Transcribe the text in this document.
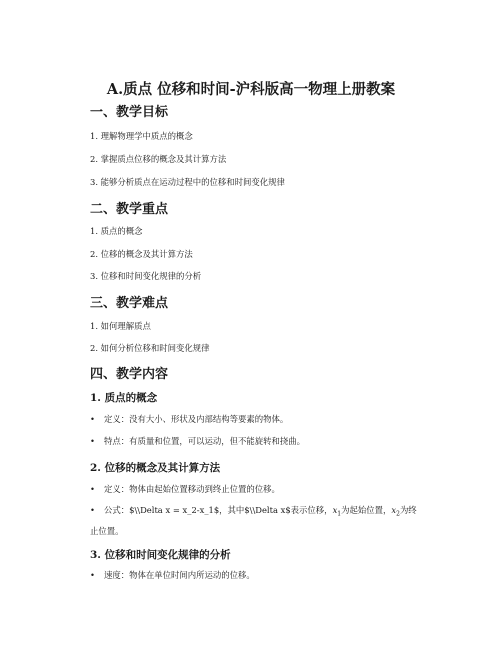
A.质点 位移和时间-沪科版高一物理上册教案
一、教学目标

1. 理解物理学中质点的概念

2. 掌握质点位移的概念及其计算方法

3. 能够分析质点在运动过程中的位移和时间变化规律

二、教学重点

1. 质点的概念

2. 位移的概念及其计算方法

3. 位移和时间变化规律的分析

三、教学难点

1. 如何理解质点

2. 如何分析位移和时间变化规律

四、教学内容
1. 质点的概念

• 定义：没有大小、形状及内部结构等要素的物体。

• 特点：有质量和位置，可以运动，但不能旋转和挠曲。

2. 位移的概念及其计算方法

• 定义：物体由起始位置移动到终止位置的位移。

• 公式：$\\Delta x = x_2-x_1$，其中$\\Delta x$表示位移，$x_1$为起始位置，$x_2$为终止位置。

3. 位移和时间变化规律的分析

• 速度：物体在单位时间内所运动的位移。
